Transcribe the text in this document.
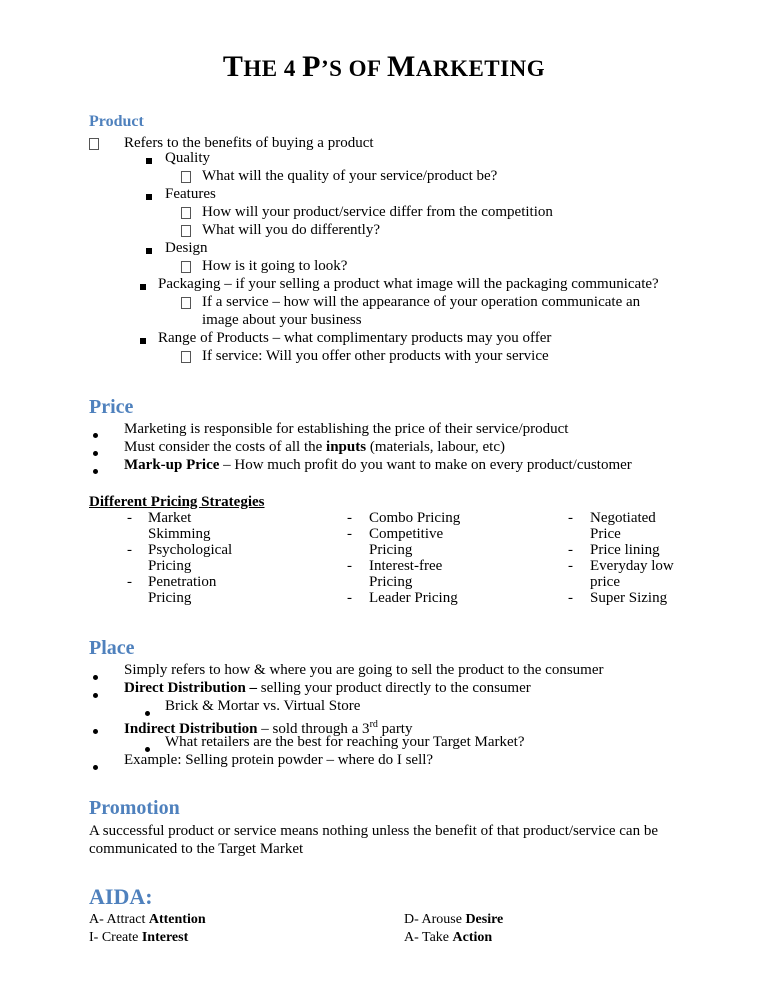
THE 4 P’S OF MARKETING
Product
Refers to the benefits of buying a product
Quality
What will the quality of your service/product be?
Features
How will your product/service differ from the competition
What will you do differently?
Design
How is it going to look?
Packaging – if your selling a product what image will the packaging communicate?
If a service – how will the appearance of your operation communicate an
image about your business
Range of Products – what complimentary products may you offer
If service: Will you offer other products with your service
Price
Marketing is responsible for establishing the price of their service/product
Must consider the costs of all the inputs (materials, labour, etc)
Mark-up Price – How much profit do you want to make on every product/customer
Different Pricing Strategies
- Market Skimming
- Psychological Pricing
- Penetration Pricing
- Combo Pricing
- Competitive Pricing
- Interest-free Pricing
- Leader Pricing
- Negotiated Price
- Price lining
- Everyday low price
- Super Sizing
Place
Simply refers to how & where you are going to sell the product to the consumer
Direct Distribution – selling your product directly to the consumer
Brick & Mortar vs. Virtual Store
Indirect Distribution – sold through a 3rd party
What retailers are the best for reaching your Target Market?
Example: Selling protein powder – where do I sell?
Promotion
A successful product or service means nothing unless the benefit of that product/service can be
communicated to the Target Market
AIDA:
A- Attract Attention
I- Create Interest
D- Arouse Desire
A- Take Action
